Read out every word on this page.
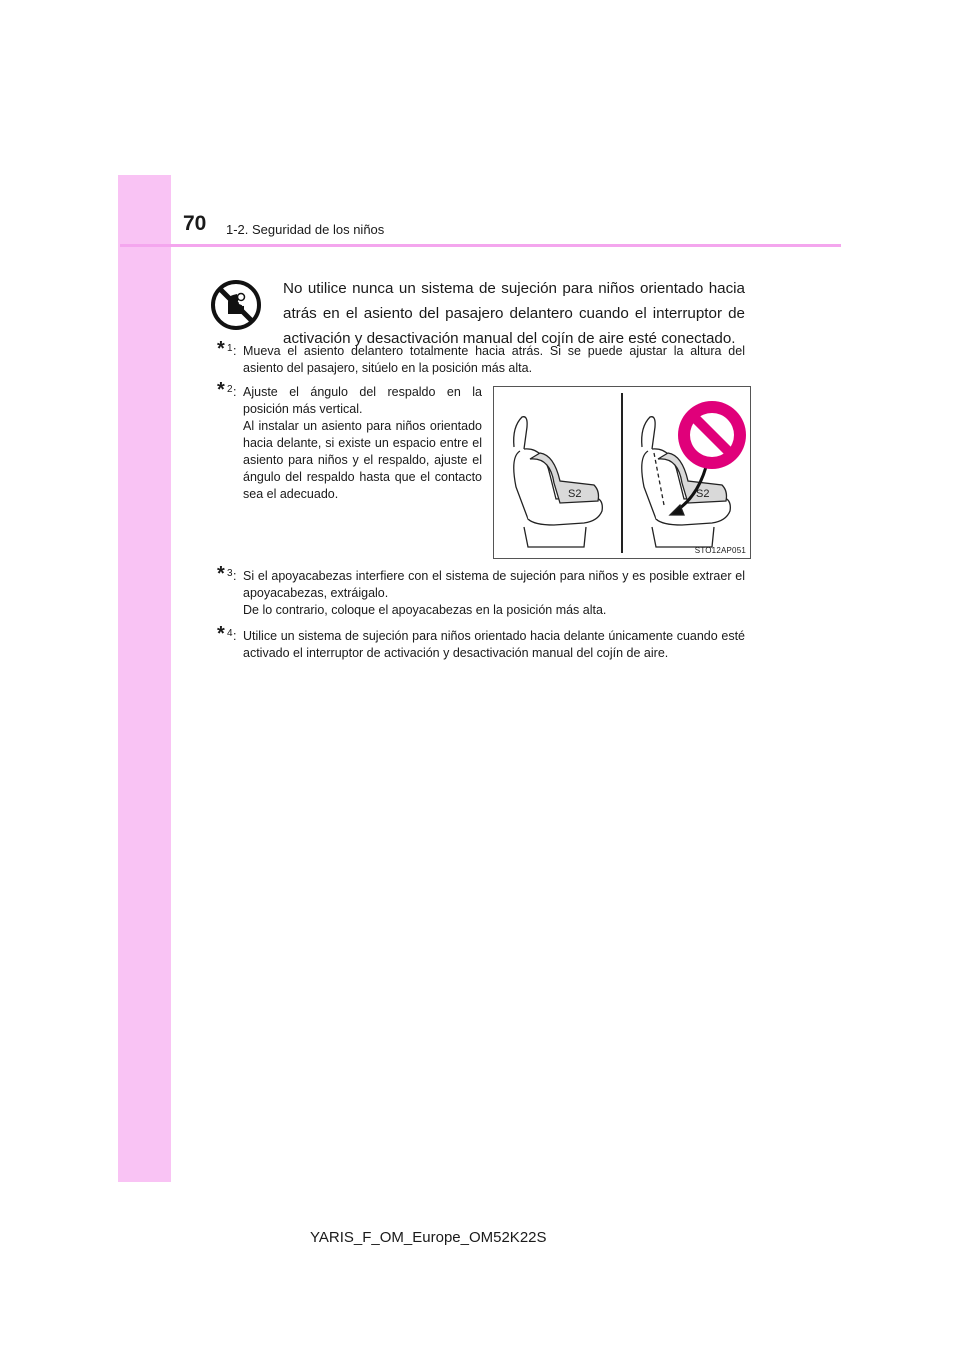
70 1-2. Seguridad de los niños
No utilice nunca un sistema de sujeción para niños orientado hacia atrás en el asiento del pasajero delantero cuando el interruptor de activación y desactivación manual del cojín de aire esté conectado.
* 1 : Mueva el asiento delantero totalmente hacia atrás. Si se puede ajustar la altura del asiento del pasajero, sitúelo en la posición más alta.

* 2 : Ajuste el ángulo del respaldo en la posición más vertical.

Al instalar un asiento para niños orientado hacia delante, si existe un espacio entre el asiento para niños y el respaldo, ajuste el ángulo del respaldo hasta que el contacto sea el adecuado.	S2	S2
STO12AP051
* 3 : Si el apoyacabezas interfiere con el sistema de sujeción para niños y es posible extraer el apoyacabezas, extráigalo.

De lo contrario, coloque el apoyacabezas en la posición más alta.

* 4 : Utilice un sistema de sujeción para niños orientado hacia delante únicamente cuando esté activado el interruptor de activación y desactivación manual del cojín de aire.

YARIS_F_OM_Europe_OM52K22S
